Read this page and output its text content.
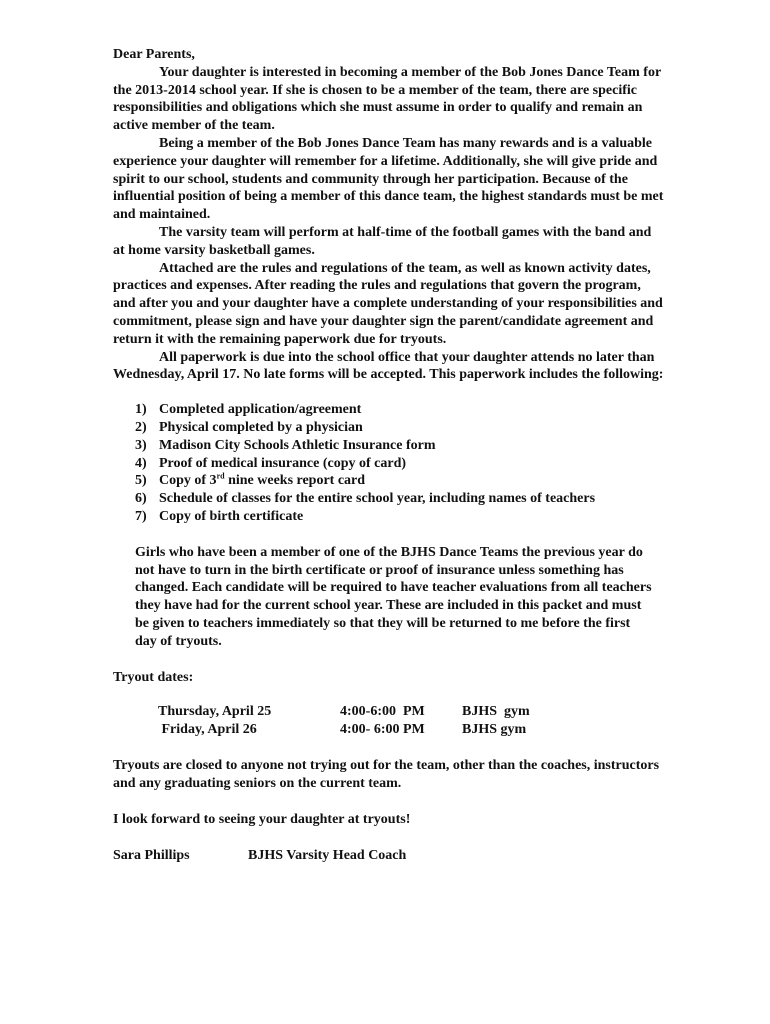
Dear Parents,

Your daughter is interested in becoming a member of the Bob Jones Dance Team for the 2013-2014 school year. If she is chosen to be a member of the team, there are specific responsibilities and obligations which she must assume in order to qualify and remain an active member of the team.

Being a member of the Bob Jones Dance Team has many rewards and is a valuable experience your daughter will remember for a lifetime. Additionally, she will give pride and spirit to our school, students and community through her participation. Because of the influential position of being a member of this dance team, the highest standards must be met and maintained.

The varsity team will perform at half-time of the football games with the band and at home varsity basketball games.

Attached are the rules and regulations of the team, as well as known activity dates, practices and expenses. After reading the rules and regulations that govern the program, and after you and your daughter have a complete understanding of your responsibilities and commitment, please sign and have your daughter sign the parent/candidate agreement and return it with the remaining paperwork due for tryouts.

All paperwork is due into the school office that your daughter attends no later than Wednesday, April 17. No late forms will be accepted. This paperwork includes the following:

1) Completed application/agreement
2) Physical completed by a physician
3) Madison City Schools Athletic Insurance form
4) Proof of medical insurance (copy of card)
5) Copy of 3rd nine weeks report card
6) Schedule of classes for the entire school year, including names of teachers
7) Copy of birth certificate

Girls who have been a member of one of the BJHS Dance Teams the previous year do not have to turn in the birth certificate or proof of insurance unless something has changed. Each candidate will be required to have teacher evaluations from all teachers they have had for the current school year. These are included in this packet and must be given to teachers immediately so that they will be returned to me before the first day of tryouts.

Tryout dates:

Thursday, April 25	4:00-6:00  PM	BJHS  gym
Friday, April 26	4:00- 6:00 PM	BJHS gym

Tryouts are closed to anyone not trying out for the team, other than the coaches, instructors and any graduating seniors on the current team.

I look forward to seeing your daughter at tryouts!

Sara Phillips	BJHS Varsity Head Coach
